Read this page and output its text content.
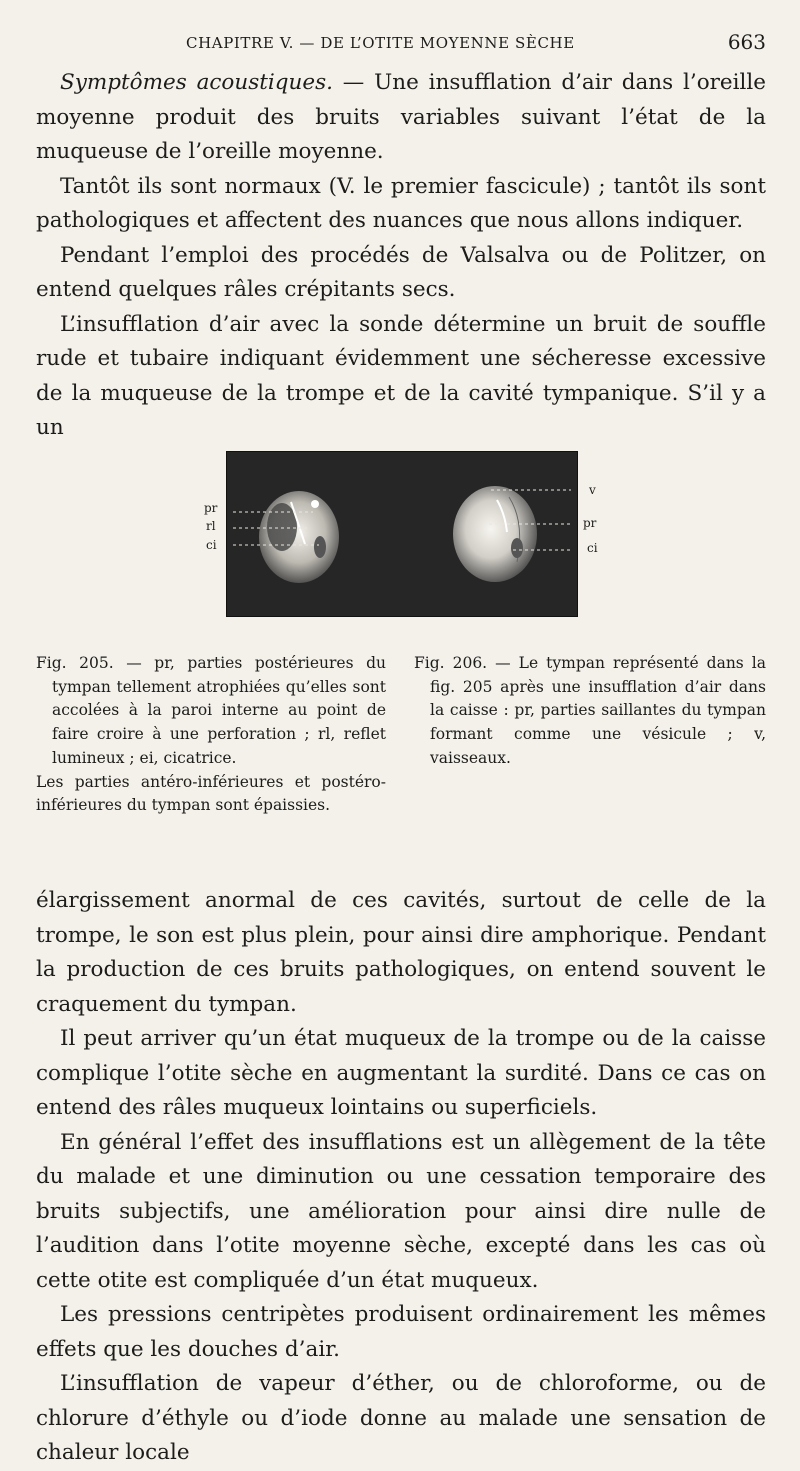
CHAPITRE V. — DE L’OTITE MOYENNE SÈCHE	663

Symptômes acoustiques. — Une insufflation d’air dans l’oreille moyenne produit des bruits variables suivant l’état de la muqueuse de l’oreille moyenne.

Tantôt ils sont normaux (V. le premier fascicule) ; tantôt ils sont pathologiques et affectent des nuances que nous allons indiquer.

Pendant l’emploi des procédés de Valsalva ou de Politzer, on entend quelques râles crépitants secs.

L’insufflation d’air avec la sonde détermine un bruit de souffle rude et tubaire indiquant évidemment une sécheresse excessive de la muqueuse de la trompe et de la cavité tympanique. S’il y a un

pr
rl
ci
v
pr
ci

Fig. 205. — pr, parties postérieures du tympan tellement atrophiées qu’elles sont accolées à la paroi interne au point de faire croire à une perforation ; rl, reflet lumineux ; ei, cicatrice.

Les parties antéro-inférieures et postéro-inférieures du tympan sont épaissies.

Fig. 206. — Le tympan représenté dans la fig. 205 après une insufflation d’air dans la caisse : pr, parties saillantes du tympan formant comme une vésicule ; v, vaisseaux.

élargissement anormal de ces cavités, surtout de celle de la trompe, le son est plus plein, pour ainsi dire amphorique. Pendant la production de ces bruits pathologiques, on entend souvent le craquement du tympan.

Il peut arriver qu’un état muqueux de la trompe ou de la caisse complique l’otite sèche en augmentant la surdité. Dans ce cas on entend des râles muqueux lointains ou superficiels.

En général l’effet des insufflations est un allègement de la tête du malade et une diminution ou une cessation temporaire des bruits subjectifs, une amélioration pour ainsi dire nulle de l’audition dans l’otite moyenne sèche, excepté dans les cas où cette otite est compliquée d’un état muqueux.

Les pressions centripètes produisent ordinairement les mêmes effets que les douches d’air.

L’insufflation de vapeur d’éther, ou de chloroforme, ou de chlorure d’éthyle ou d’iode donne au malade une sensation de chaleur locale
